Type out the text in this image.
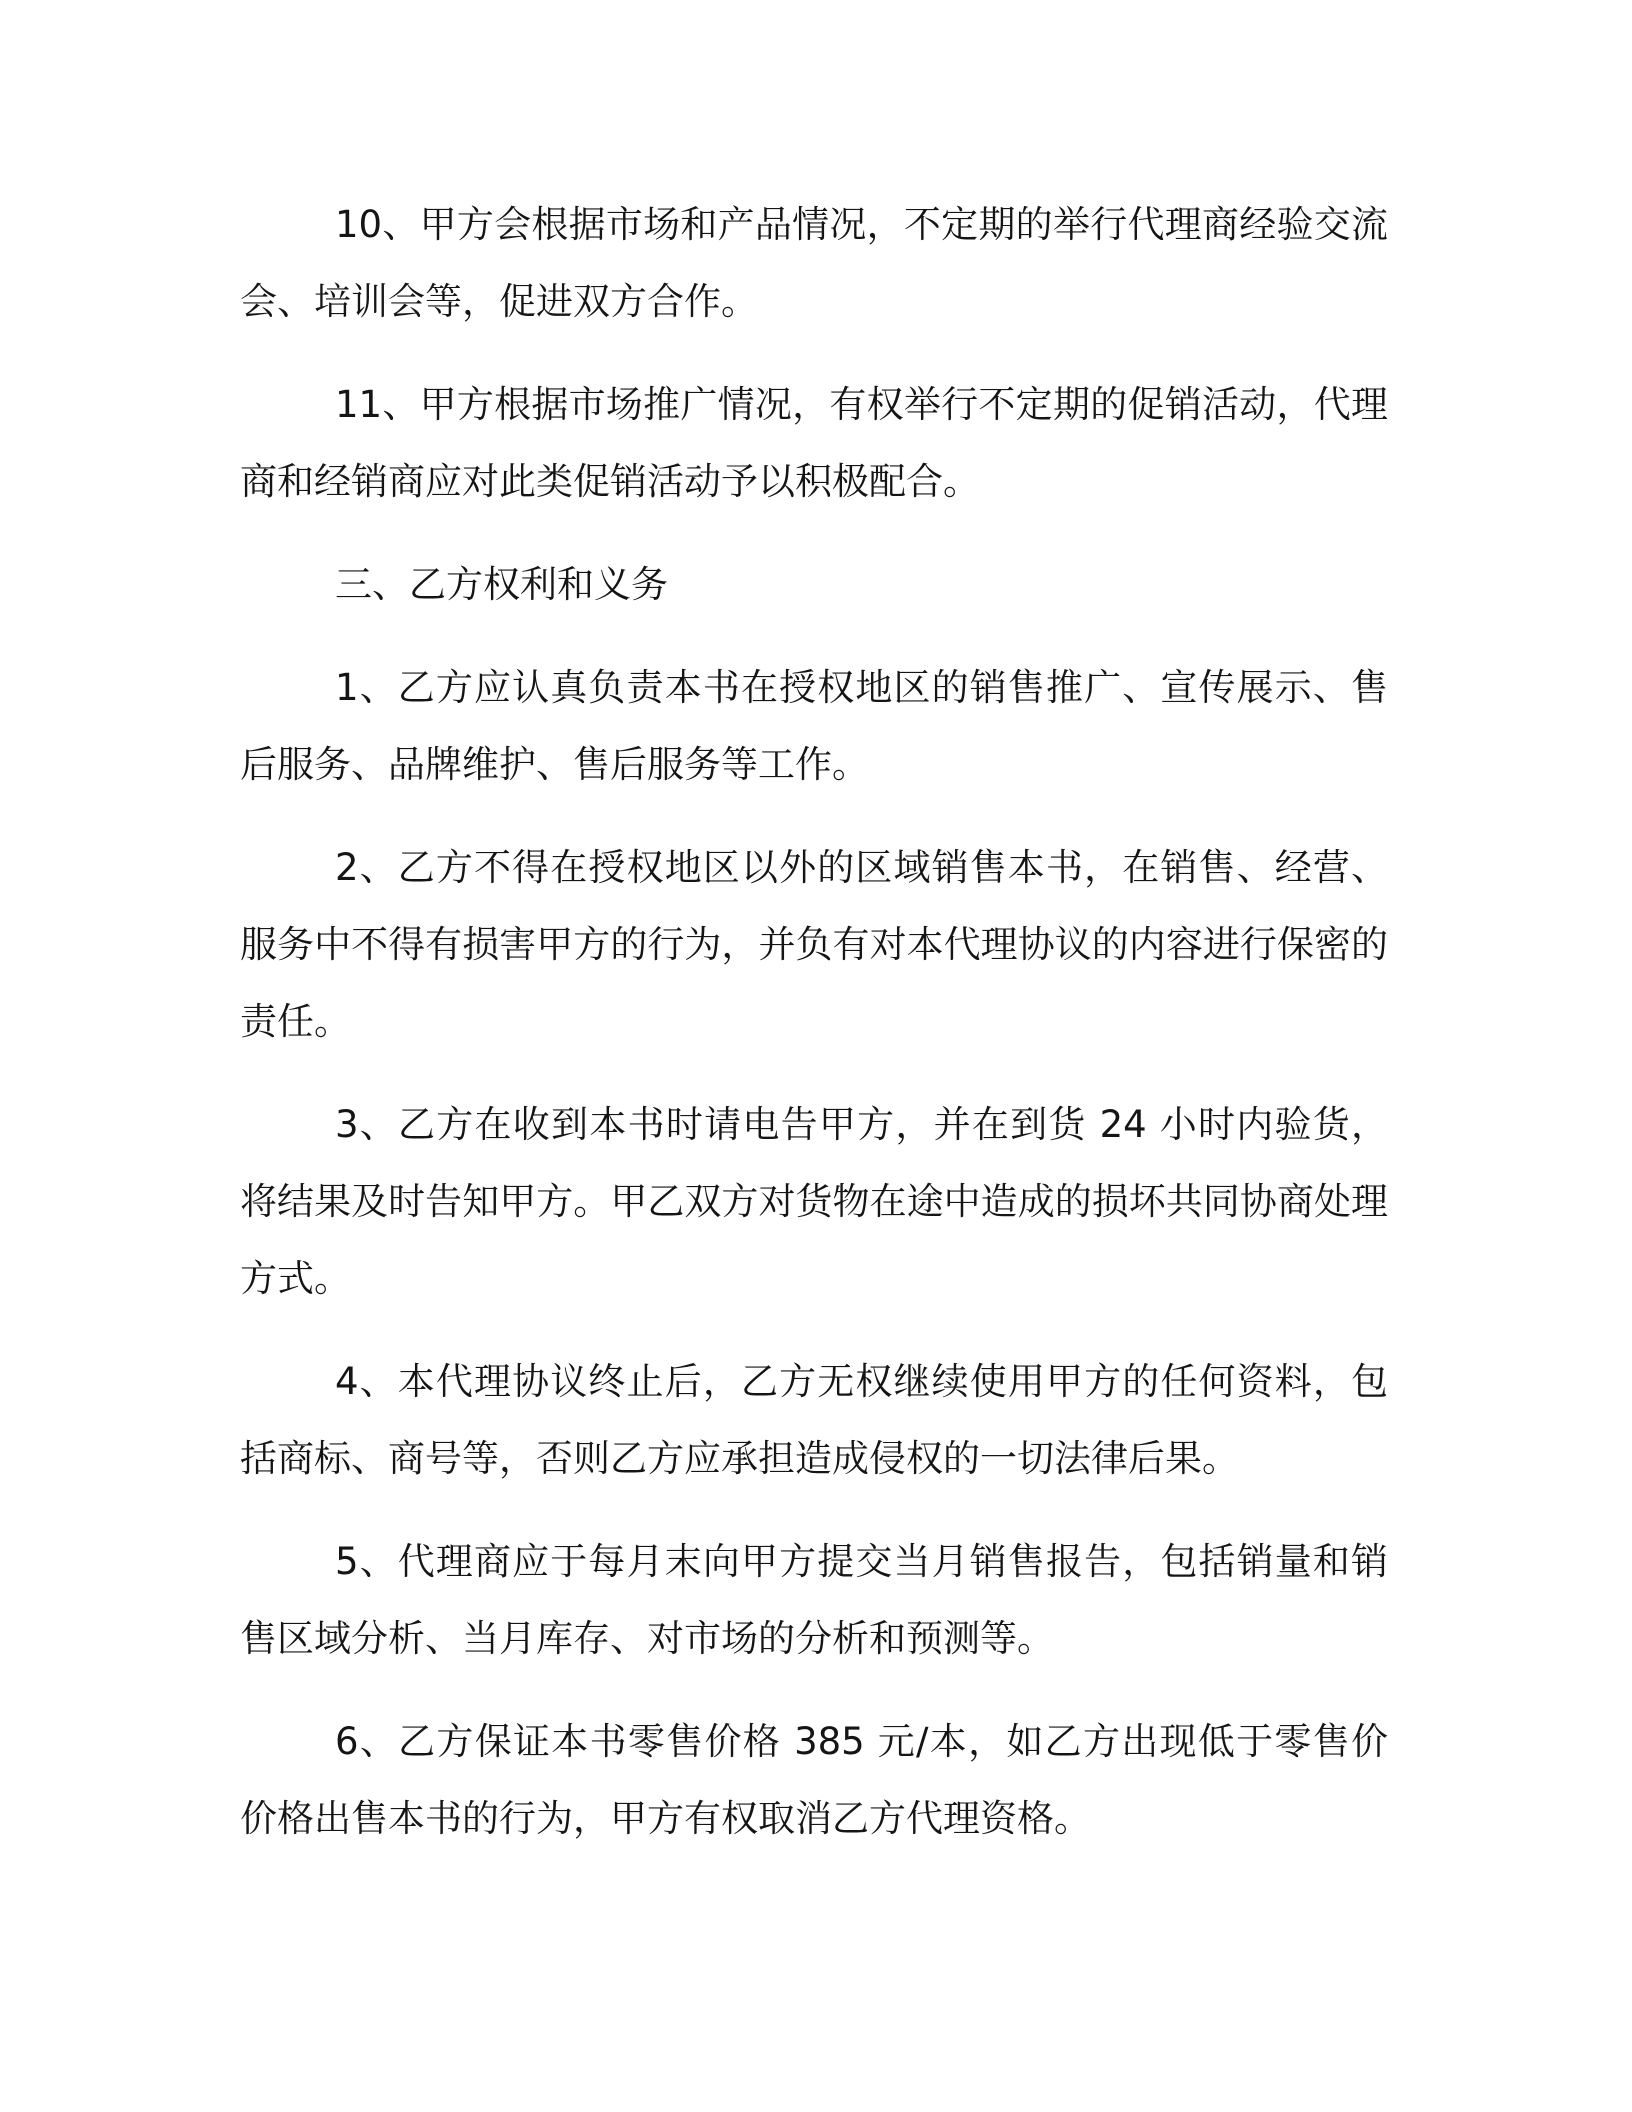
10、甲方会根据市场和产品情况，不定期的举行代理商经验交流会、培训会等，促进双方合作。

11、甲方根据市场推广情况，有权举行不定期的促销活动，代理商和经销商应对此类促销活动予以积极配合。

三、乙方权利和义务

1、乙方应认真负责本书在授权地区的销售推广、宣传展示、售后服务、品牌维护、售后服务等工作。

2、乙方不得在授权地区以外的区域销售本书，在销售、经营、服务中不得有损害甲方的行为，并负有对本代理协议的内容进行保密的责任。

3、乙方在收到本书时请电告甲方，并在到货 24 小时内验货，将结果及时告知甲方。甲乙双方对货物在途中造成的损坏共同协商处理方式。

4、本代理协议终止后，乙方无权继续使用甲方的任何资料，包括商标、商号等，否则乙方应承担造成侵权的一切法律后果。

5、代理商应于每月末向甲方提交当月销售报告，包括销量和销售区域分析、当月库存、对市场的分析和预测等。

6、乙方保证本书零售价格 385 元/本，如乙方出现低于零售价价格出售本书的行为，甲方有权取消乙方代理资格。
